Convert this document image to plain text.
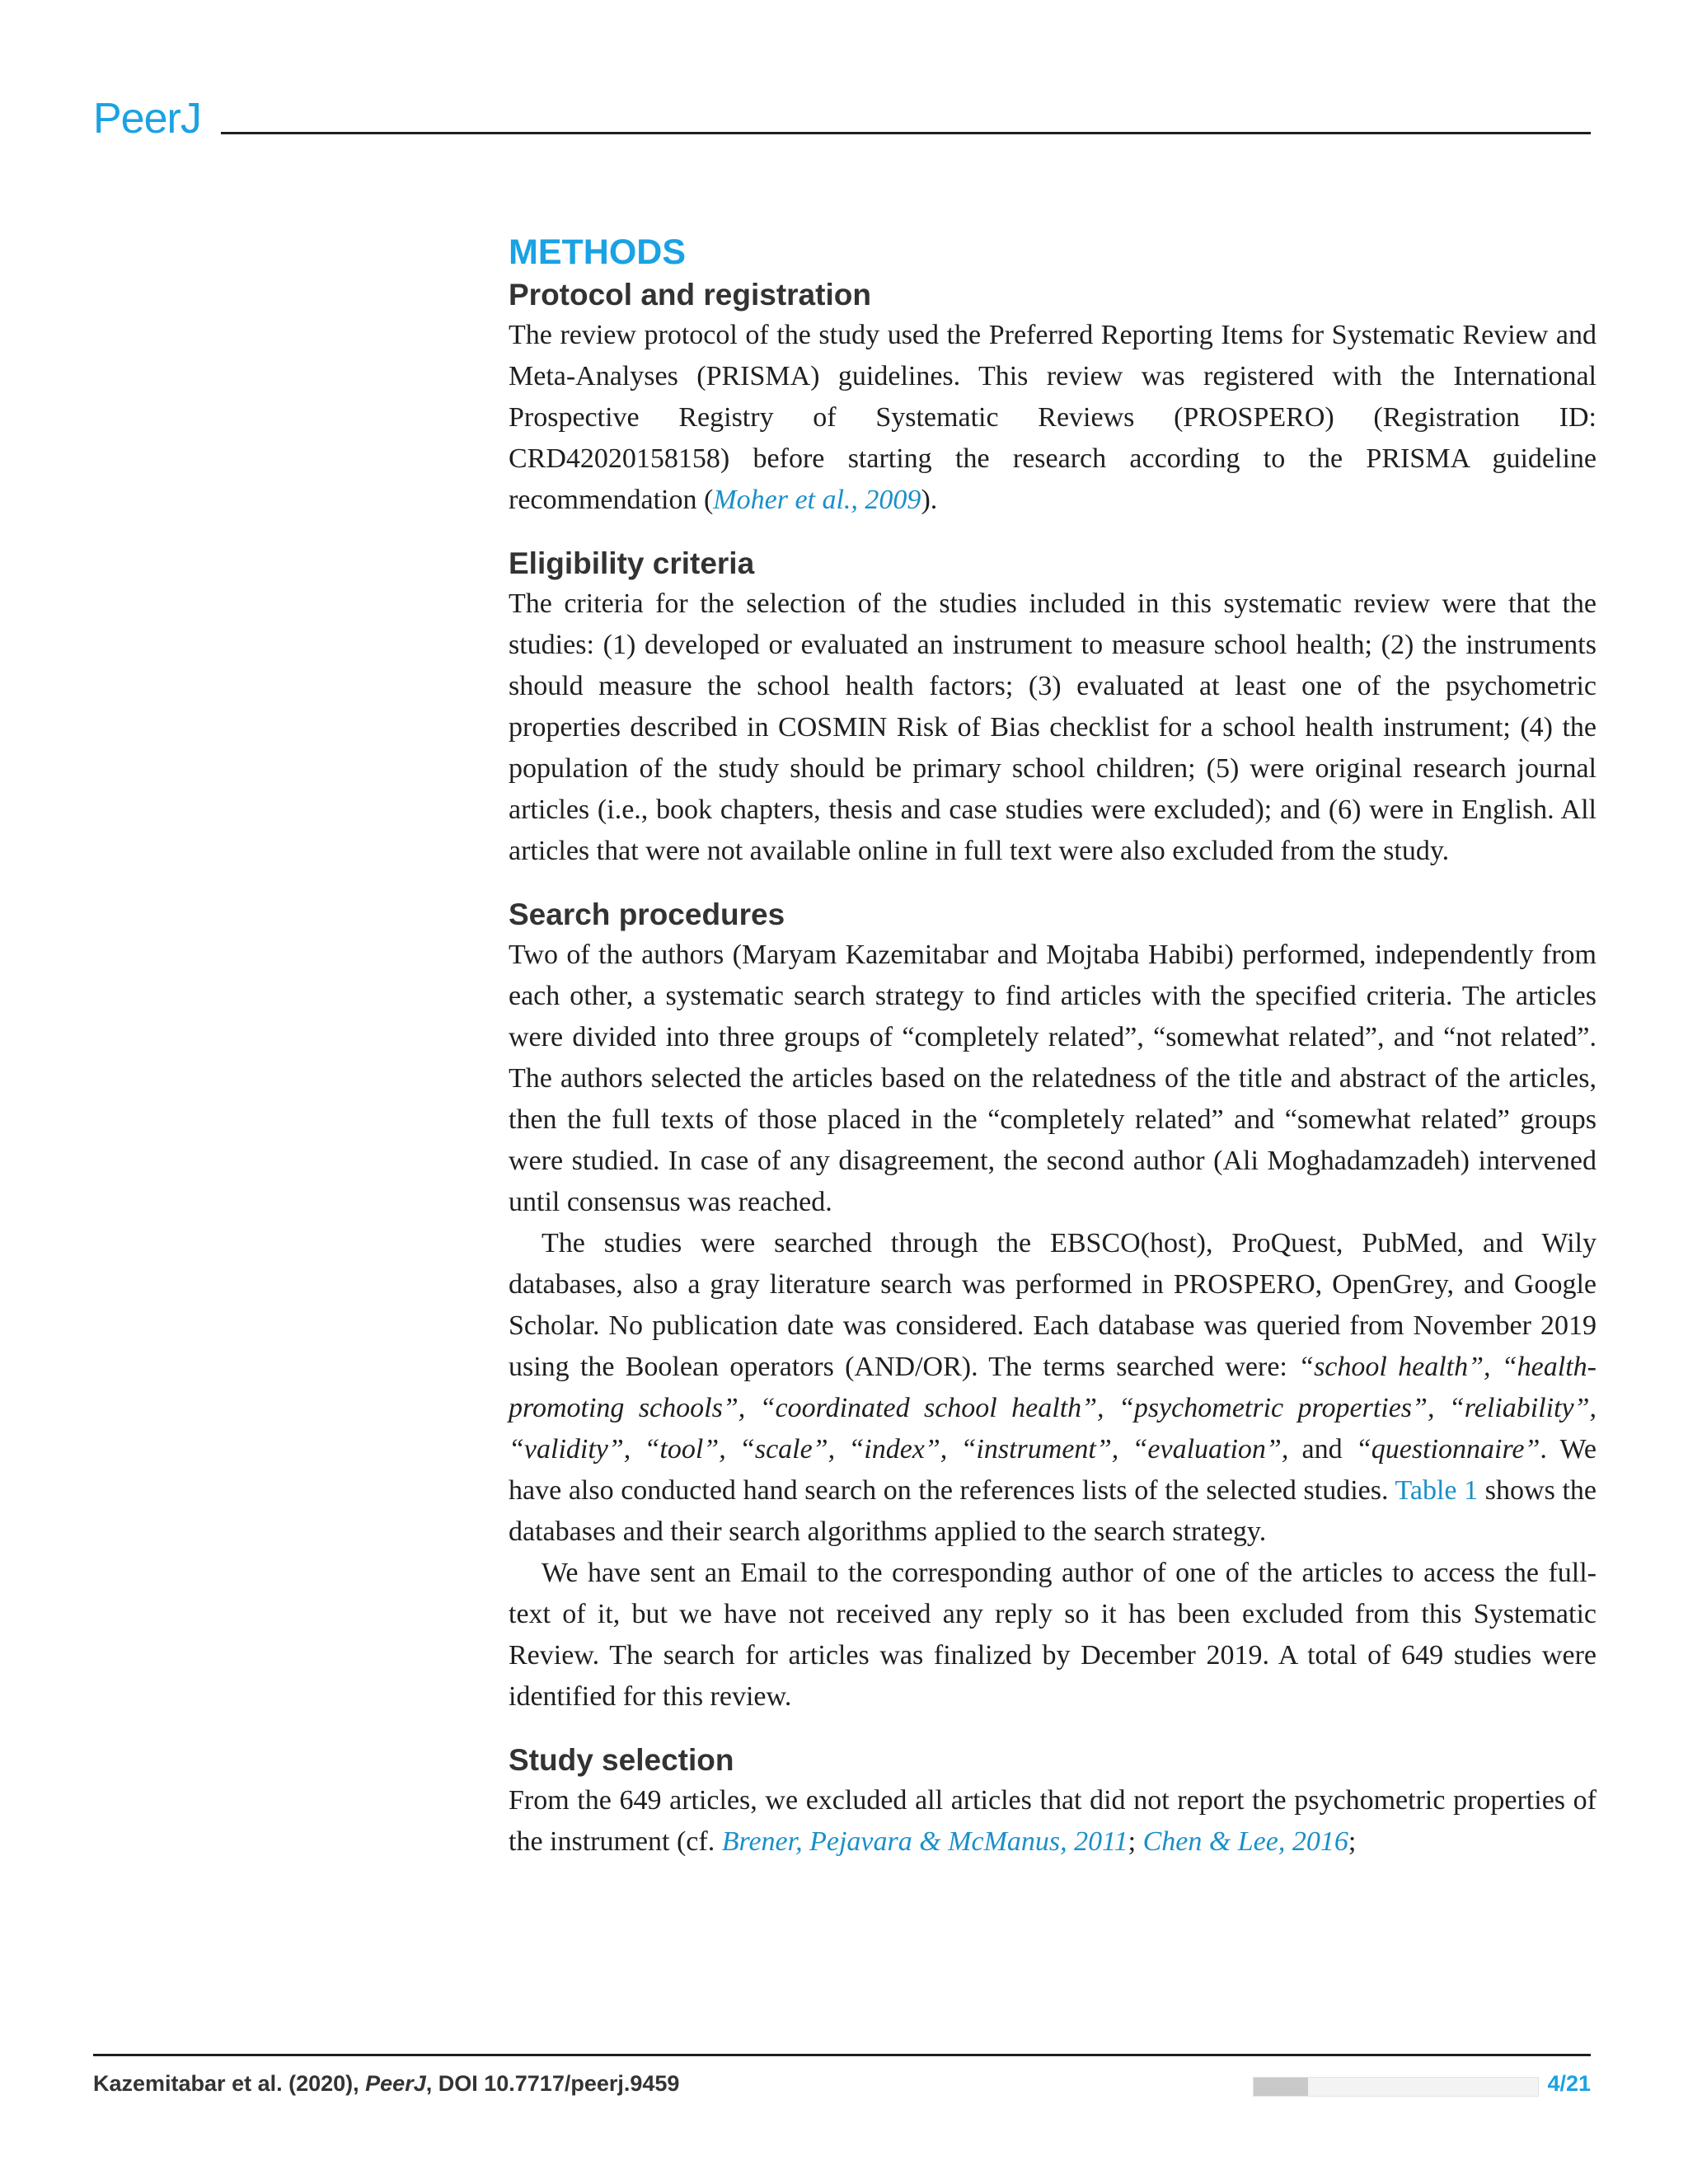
PeerJ
METHODS
Protocol and registration

The review protocol of the study used the Preferred Reporting Items for Systematic Review and Meta-Analyses (PRISMA) guidelines. This review was registered with the International Prospective Registry of Systematic Reviews (PROSPERO) (Registration ID: CRD42020158158) before starting the research according to the PRISMA guideline recommendation (Moher et al., 2009).

Eligibility criteria

The criteria for the selection of the studies included in this systematic review were that the studies: (1) developed or evaluated an instrument to measure school health; (2) the instruments should measure the school health factors; (3) evaluated at least one of the psychometric properties described in COSMIN Risk of Bias checklist for a school health instrument; (4) the population of the study should be primary school children; (5) were original research journal articles (i.e., book chapters, thesis and case studies were excluded); and (6) were in English. All articles that were not available online in full text were also excluded from the study.

Search procedures

Two of the authors (Maryam Kazemitabar and Mojtaba Habibi) performed, independently from each other, a systematic search strategy to find articles with the specified criteria. The articles were divided into three groups of “completely related”, “somewhat related”, and “not related”. The authors selected the articles based on the relatedness of the title and abstract of the articles, then the full texts of those placed in the “completely related” and “somewhat related” groups were studied. In case of any disagreement, the second author (Ali Moghadamzadeh) intervened until consensus was reached.

The studies were searched through the EBSCO(host), ProQuest, PubMed, and Wily databases, also a gray literature search was performed in PROSPERO, OpenGrey, and Google Scholar. No publication date was considered. Each database was queried from November 2019 using the Boolean operators (AND/OR). The terms searched were: “school health”, “health-promoting schools”, “coordinated school health”, “psychometric properties”, “reliability”, “validity”, “tool”, “scale”, “index”, “instrument”, “evaluation”, and “questionnaire”. We have also conducted hand search on the references lists of the selected studies. Table 1 shows the databases and their search algorithms applied to the search strategy.

We have sent an Email to the corresponding author of one of the articles to access the full-text of it, but we have not received any reply so it has been excluded from this Systematic Review. The search for articles was finalized by December 2019. A total of 649 studies were identified for this review.

Study selection

From the 649 articles, we excluded all articles that did not report the psychometric properties of the instrument (cf. Brener, Pejavara & McManus, 2011; Chen & Lee, 2016;

Kazemitabar et al. (2020), PeerJ, DOI 10.7717/peerj.9459	4/21
